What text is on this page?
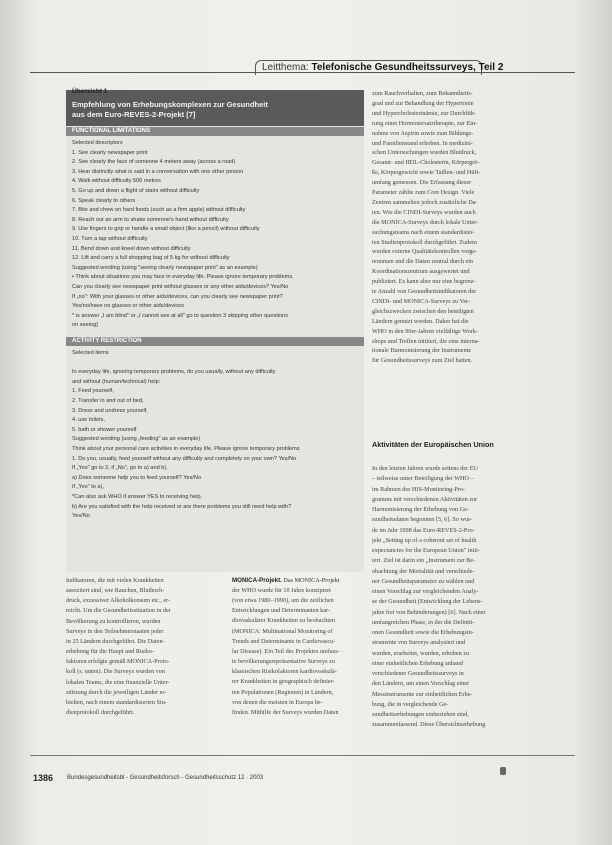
Leitthema: Telefonische Gesundheitssurveys, Teil 2
Übersicht 1
Empfehlung von Erhebungskomplexen zur Gesundheit
aus dem Euro-REVES-2-Projekt [7]
FUNCTIONAL LIMITATIONS
Selected descriptors
1. See clearly newspaper print
2. See clearly the face of someone 4 meters away (across a road)
3. Hear distinctly what is said in a conversation with one other person
4. Walk without difficulty 500 metres
5. Go up and down a flight of stairs without difficulty
6. Speak clearly to others
7. Bite and chew on hard foods (such as a firm apple) without difficulty
8. Reach out an arm to shake someone's hand without difficulty
9. Use fingers to grip or handle a small object (like a pencil) without difficulty
10. Turn a tap without difficulty
11. Bend down and kneel down without difficulty
12. Lift and carry a full shopping bag of 5 kg for without difficulty
Suggested wording (using "seeing clearly newspaper print" as an example)
• Think about situations you may face in everyday life. Please ignore temporary problems.
Can you clearly see newspaper print without glasses or any other aids/devices? Yes/No
If „no": With your glasses or other aids/devices, can you clearly see newspaper print?
Yes/no/have no glasses or other aids/devices
* is answer „I am blind" or „I cannot see at all" go to question 3 skipping other questions
on seeing]
ACTIVITY RESTRICTION
Selected items
In everyday life, ignoring temporary problems, do you usually, without any difficulty
and without (human/technical) help:
1. Feed yourself,
2. Transfer in and out of bed,
3. Dress and undress yourself,
4. use toilets,
5. bath or shower yourself
Suggested wording (using „feeding" as an example)
Think about your personal care activities in everyday life. Please ignore temporary problems
1. Do you, usually, feed yourself without any difficulty and completely on your own? Yes/No
If „Yes" go to 2, if „No", go to a) and b).
a) Does someone help you to feed yourself? Yes/No
If „Yes" to a),
*Can also ask WHO if answer YES to receiving help.
b) Are you satisfied with the help received or are there problems you still need help with?
Yes/No
zum Rauchverhalten, zum Bekanntheits-
grad und zur Behandlung der Hypertonie
und Hypercholesterinämie, zur Durchfüh-
rung einer Hormonersatztherapie, zur Ein-
nahme von Aspirin sowie zum Bildungs-
und Familienstand erhoben. In medizini-
schen Untersuchungen wurden Blutdruck,
Gesamt- und HDL-Cholesterin, Körpergrö-
ße, Körpergewicht sowie Taillen- und Hüft-
umfang gemessen. Die Erfassung dieser
Parameter zählte zum Core Design. Viele
Zentren sammelten jedoch zusätzliche Da-
ten. Wie die CINDI-Surveys wurden auch
die MONICA-Surveys durch lokale Unter-
suchungsteams nach einem standardisier-
ten Studienprotokoll durchgeführt. Zudem
wurden externe Qualitätskontrollen vorge-
nommen und die Daten zentral durch ein
Koordinationszentrum ausgewertet und
publiziert. Es kann aber nur eine begrenz-
te Anzahl von Gesundheitsindikatoren der
CINDI- und MONICA-Surveys zu Ver-
gleichszwecken zwischen den beteiligten
Ländern genutzt werden. Daher hat die
WHO in den 90er-Jahren vielfältige Work-
shops und Treffen initiiert, die eine interna-
tionale Harmonisierung der Instrumente
für Gesundheitssurveys zum Ziel hatten.
Aktivitäten der Europäischen Union
In den letzten Jahren wurde seitens der EU
– teilweise unter Beteiligung der WHO –
im Rahmen des HIS-Monitoring-Pro-
gramms mit verschiedenen Aktivitäten zur
Harmonisierung der Erhebung von Ge-
sundheitsdaten begonnen [5, 6]. So wur-
de im Jahr 1998 das Euro-REVES-2-Pro-
jekt „Setting up of a coherent set of health
expectancies for the European Union" initi-
iert. Ziel ist darin ein „Instrument zur Be-
obachtung der Mortalität und verschiede-
ner Gesundheitsparameter zu wählen und
einen Vorschlag zur vergleichenden Analy-
se der Gesundheit (Entwicklung der Lebens-
jahre frei von Behinderungen) [6]. Nach einer
umfangreichen Phase, in der die Definiti-
onen Gesundheit sowie die Erhebungsin-
strumente von Surveys analysiert und
wurden, erarbeitet, wurden, erhoben zu
einer einheitlichen Erhebung anhand
verschiedener Gesundheitssurveys in
den Ländern, um einen Vorschlag einer
Messinstrumente zur einheitlichen Erhe-
bung, die in vergleichende Ge-
sundheitserhebungen einbeziehen sind,
zusammenfassend. Diese Übersichtserhebung
Indikatoren, die mit vielen Krankheiten
assoziiert sind, wie Rauchen, Bluthoch-
druck, exzessiver Alkoholkonsum etc., er-
reicht. Um die Gesundheitssituation in der
Bevölkerung zu kontrollieren, wurden
Surveys in den Teilnehmerstaaten jeder
in 25 Ländern durchgeführt. Die Daten-
erhebung für die Haupt und Risiko-
faktoren erfolgte gemäß MONICA-Proto-
koll (s. unten). Die Surveys wurden von
lokalen Teams, die eine finanzielle Unter-
stützung durch die jeweiligen Länder er-
hielten, nach einem standardisierten Stu-
dienprotokoll durchgeführt.
MONICA-Projekt. Das MONICA-Projekt
der WHO wurde für 10 Jahre konzipiert
(von etwa 1980–1990), um die zeitlichen
Entwicklungen und Determinanten kar-
diovaskulärer Krankheiten zu beobachten
(MONICA: Multinational Monitoring of
Trends and Determinants in Cardiovascu-
lar Disease). Ein Teil des Projektes umfass-
te bevölkerungsrepräsentative Surveys zu
klassischen Risikofaktoren kardiovaskulä-
rer Krankheiten in geographisch definier-
ten Populationen (Regionen) in Ländern,
von denen die meisten in Europa be-
finden. Mithilfe der Surveys wurden Daten
1386 Bundesgesundheitsbl - Gesundheitsforsch - Gesundheitsschutz 12 · 2003
